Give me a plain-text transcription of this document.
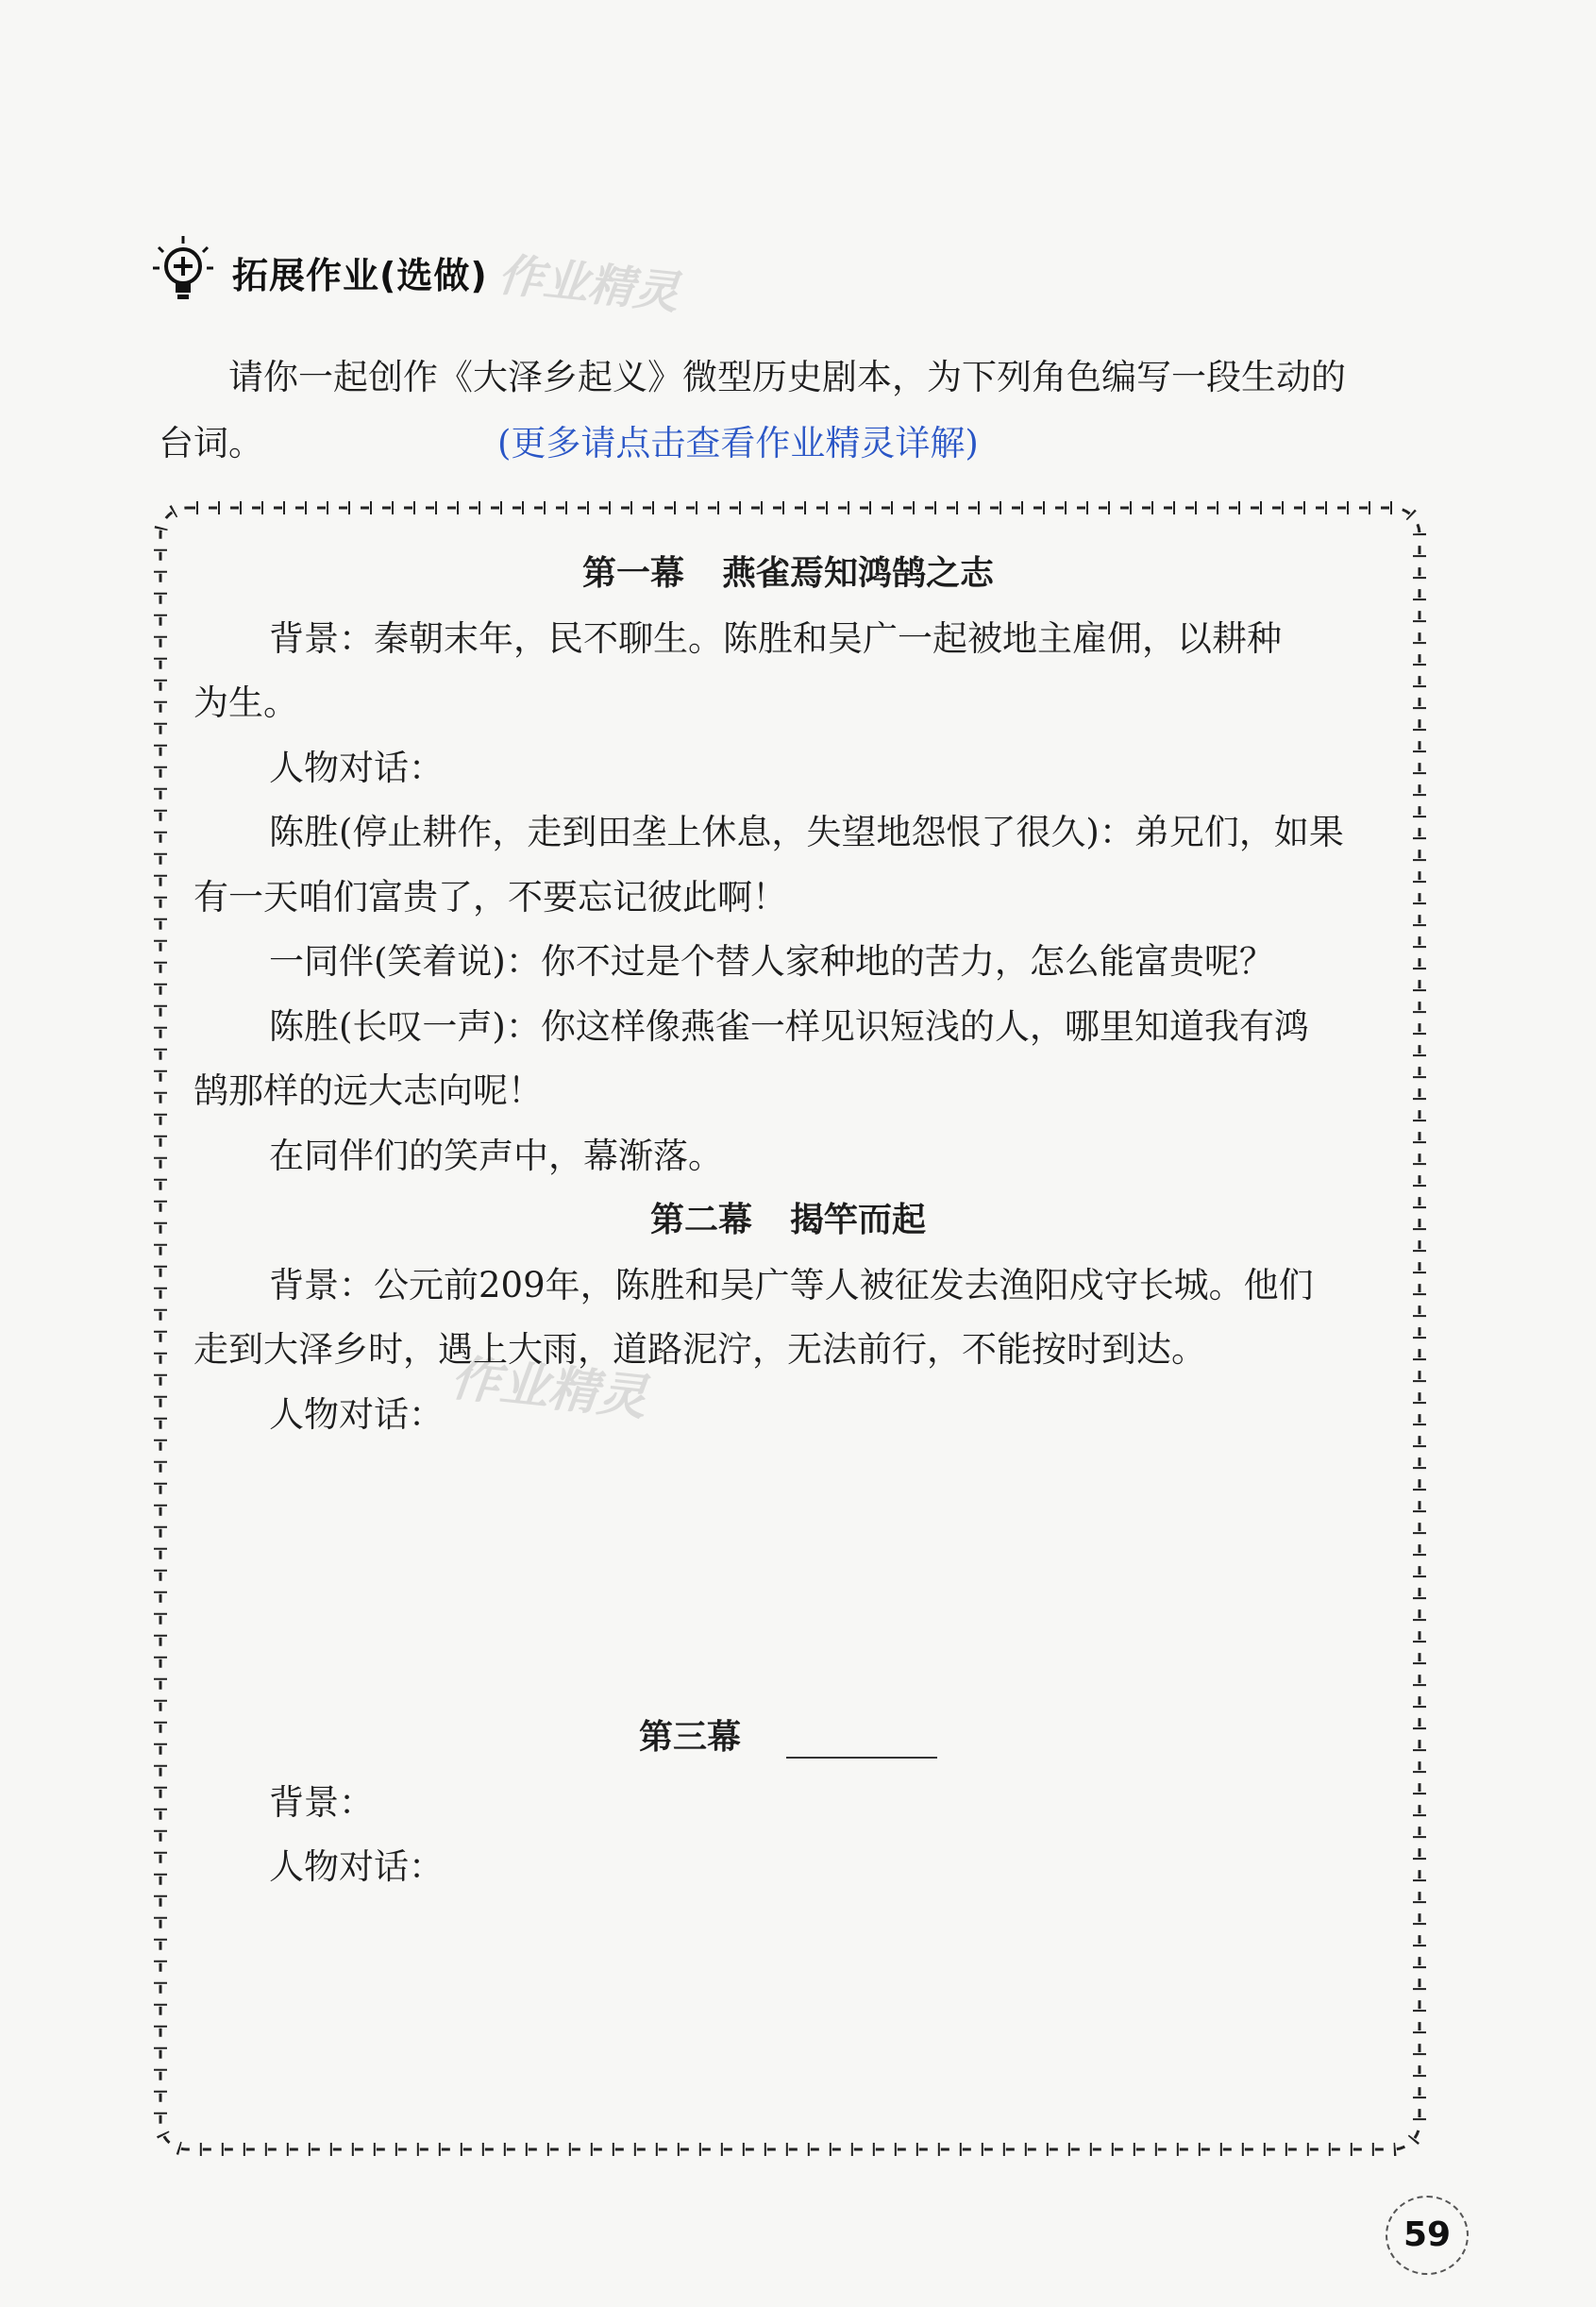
拓展作业(选做) 作业精灵
作业精灵
请你一起创作《大泽乡起义》微型历史剧本，为下列角色编写一段生动的
台词。	(更多请点击查看作业精灵详解)
第一幕 燕雀焉知鸿鹄之志
背景：秦朝末年，民不聊生。陈胜和吴广一起被地主雇佣，以耕种
为生。
人物对话：
陈胜(停止耕作，走到田垄上休息，失望地怨恨了很久)：弟兄们，如果
有一天咱们富贵了，不要忘记彼此啊！
一同伴(笑着说)：你不过是个替人家种地的苦力，怎么能富贵呢？
陈胜(长叹一声)：你这样像燕雀一样见识短浅的人，哪里知道我有鸿
鹄那样的远大志向呢！
在同伴们的笑声中，幕渐落。
第二幕 揭竿而起
背景：公元前209年，陈胜和吴广等人被征发去渔阳戍守长城。他们
走到大泽乡时，遇上大雨，道路泥泞，无法前行，不能按时到达。
人物对话：
第三幕
背景：
人物对话：
59
